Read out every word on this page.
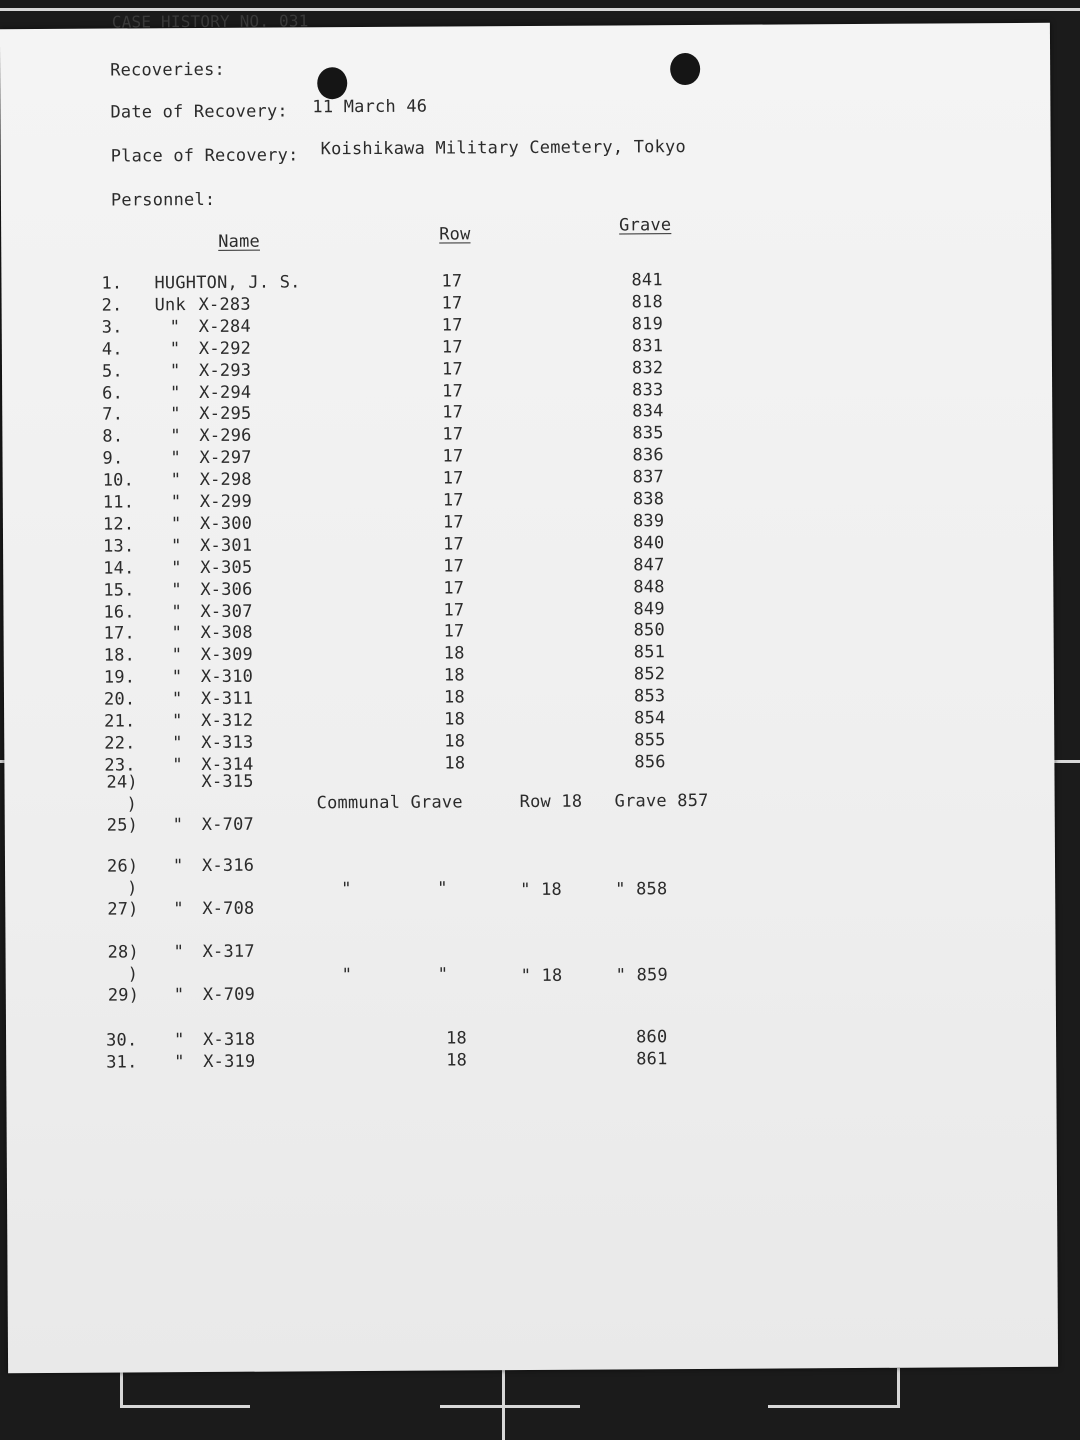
CASE HISTORY NO. 031
Recoveries:
Date of Recovery: 11 March 46
Place of Recovery: Koishikawa Military Cemetery, Tokyo
Personnel:
Name	Row	Grave
1. HUGHTON, J. S.	17	841
2. Unk X-283	17	818
3.	" X-284	17	819
4.	" X-292	17	831
5.	" X-293	17	832
6.	" X-294	17	833
7.	" X-295	17	834
8.	" X-296	17	835
9.	" X-297	17	836
10. " X-298	17	837
11. " X-299	17	838
12. " X-300	17	839
13. " X-301	17	840
14. " X-305	17	847
15. " X-306	17	848
16. " X-307	17	849
17. " X-308	17	850
18. " X-309	18	851
19. " X-310	18	852
20. " X-311	18	853
21. " X-312	18	854
22. " X-313	18	855
23. " X-314	18	856
24)	X-315
)
25) " X-707
Communal Grave	Row 18 Grave 857
26) " X-316
)
27) " X-708
"	"	" 18	" 858
28) " X-317
)
29) " X-709
"	"	" 18	" 859
30. " X-318	18	860
31. " X-319	18	861
